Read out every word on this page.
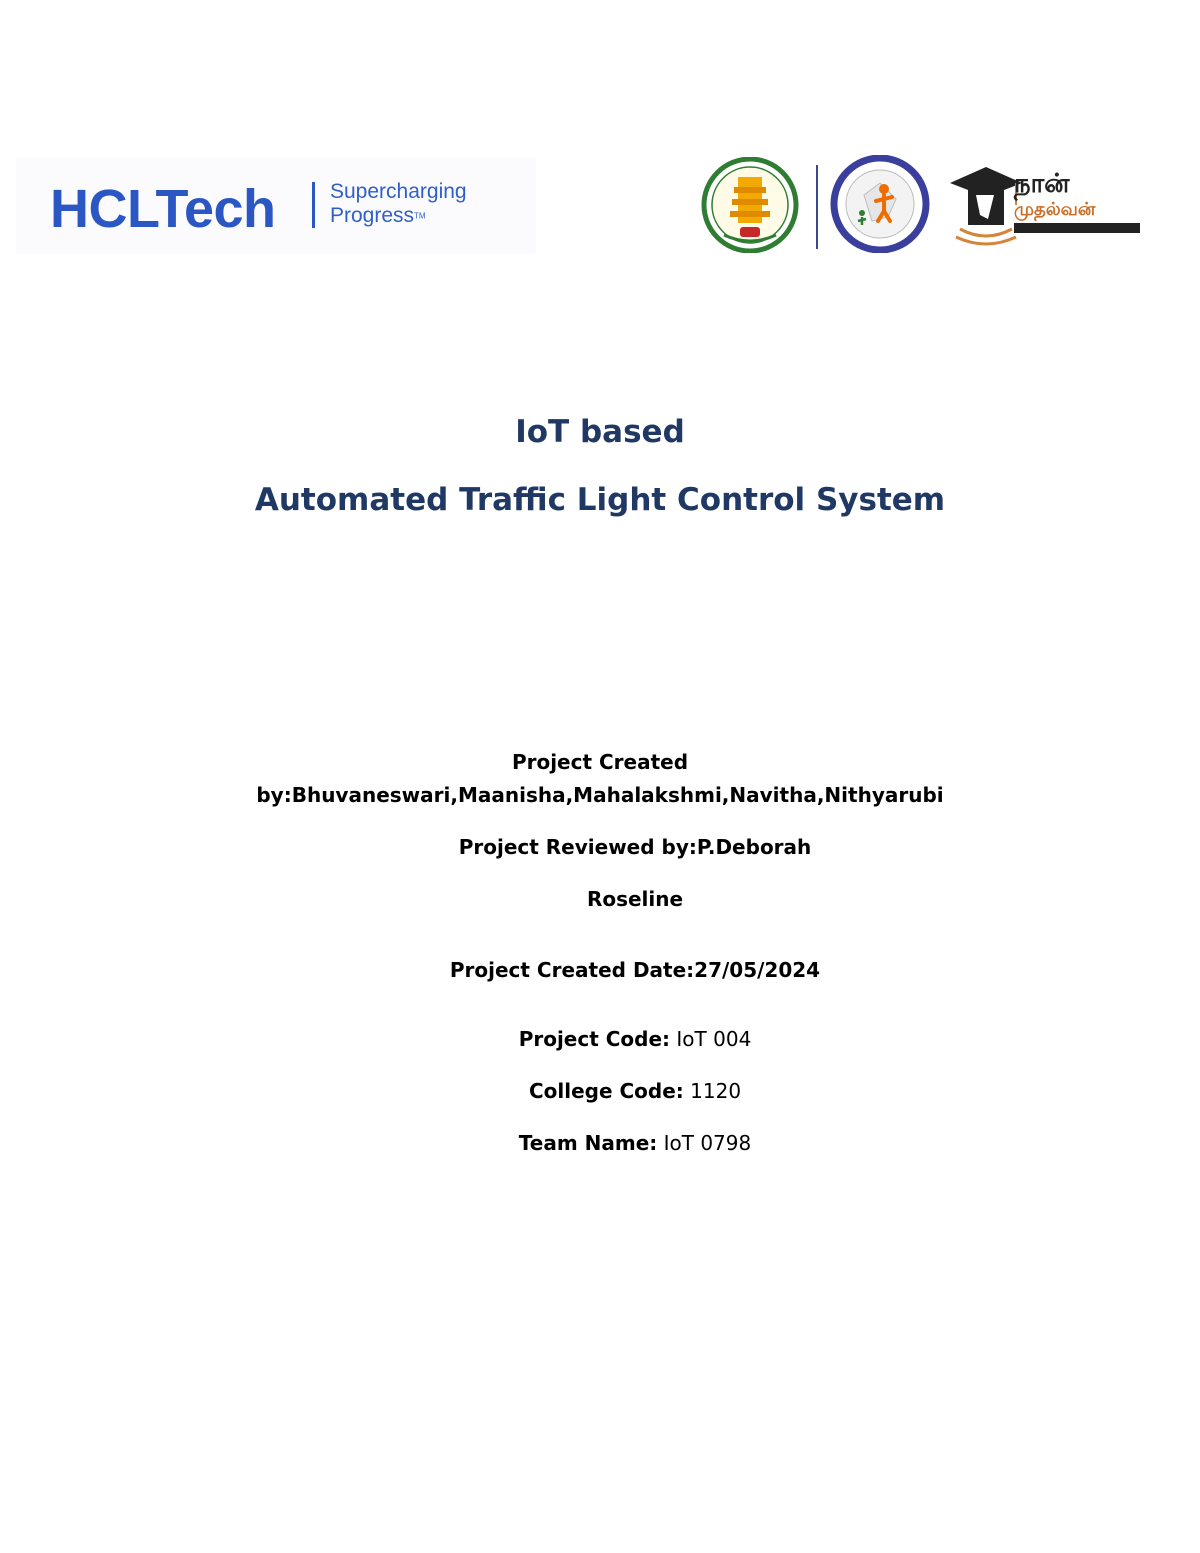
HCLTech	Supercharging
ProgressTM
நான்
முதல்வன்
IoT based
Automated Traffic Light Control System
Project Created
by:Bhuvaneswari,Maanisha,Mahalakshmi,Navitha,Nithyarubi
Project Reviewed by:P.Deborah
Roseline
Project Created Date:27/05/2024
Project Code: IoT 004
College Code: 1120
Team Name: IoT 0798
